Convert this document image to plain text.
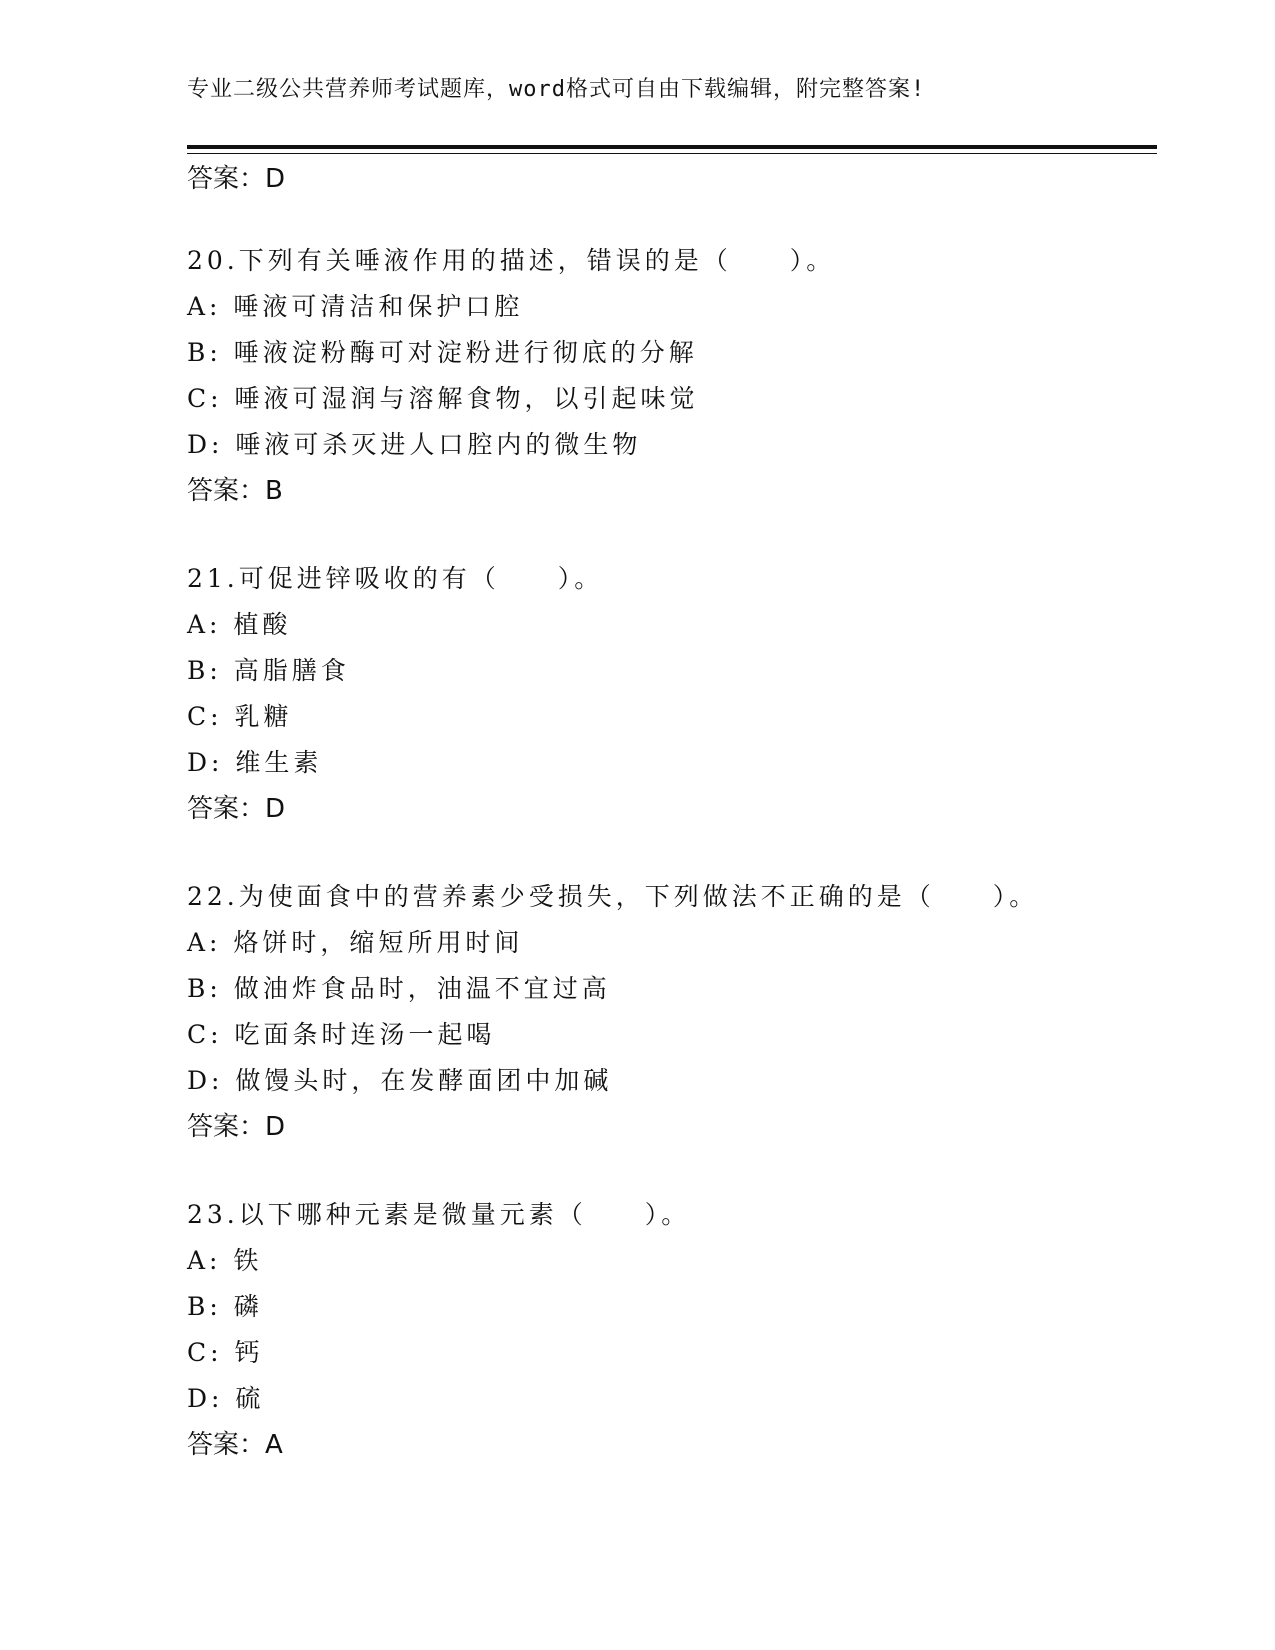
专业二级公共营养师考试题库，word格式可自由下载编辑，附完整答案!
答案：D
20.下列有关唾液作用的描述，错误的是（　　）。
A: 唾液可清洁和保护口腔
B: 唾液淀粉酶可对淀粉进行彻底的分解
C: 唾液可湿润与溶解食物，以引起味觉
D: 唾液可杀灭进人口腔内的微生物
答案：B
21.可促进锌吸收的有（　　）。
A: 植酸
B: 高脂膳食
C: 乳糖
D: 维生素
答案：D
22.为使面食中的营养素少受损失，下列做法不正确的是（　　）。
A: 烙饼时，缩短所用时间
B: 做油炸食品时，油温不宜过高
C: 吃面条时连汤一起喝
D: 做馒头时，在发酵面团中加碱
答案：D
23.以下哪种元素是微量元素（　　）。
A: 铁
B: 磷
C: 钙
D: 硫
答案：A
